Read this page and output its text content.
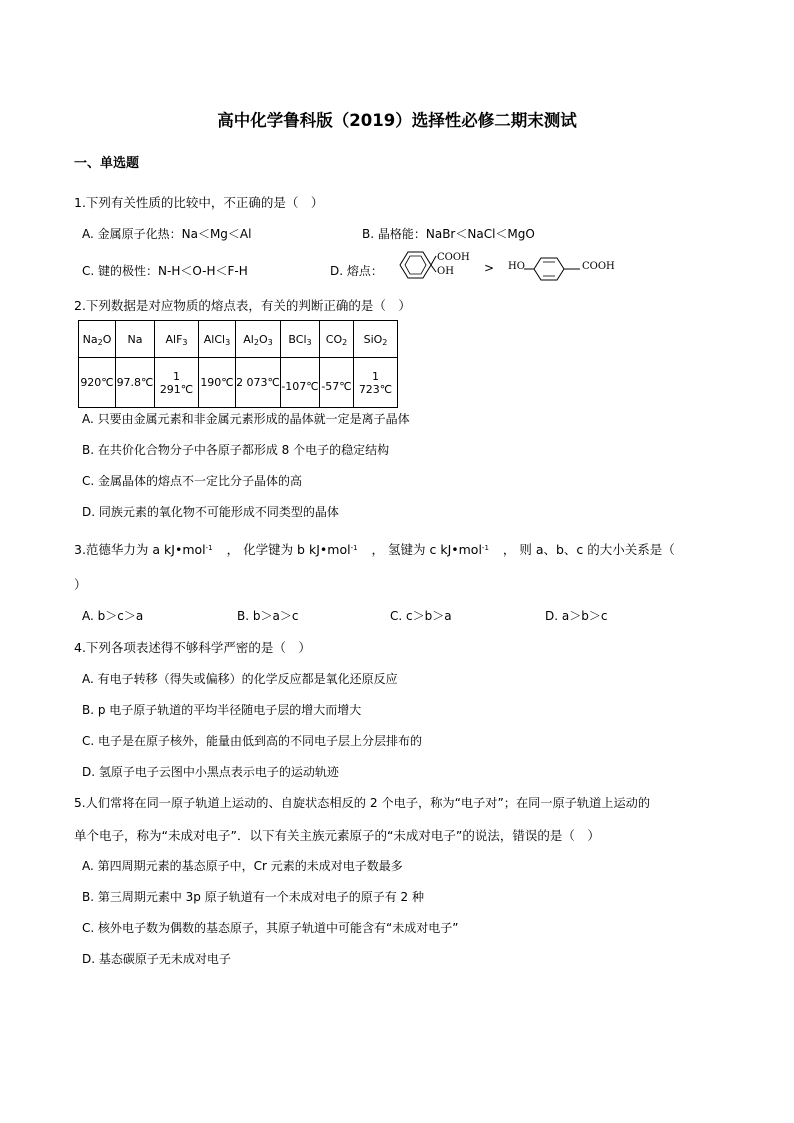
高中化学鲁科版（2019）选择性必修二期末测试
一、单选题
1.下列有关性质的比较中，不正确的是（　）
A. 金属原子化热：Na＜Mg＜Al	B. 晶格能：NaBr＜NaCl＜MgO
C. 键的极性：N-H＜O-H＜F-H	D. 熔点：
COOH
OH	> HO	COOH
2.下列数据是对应物质的熔点表，有关的判断正确的是（　）
$Na_2O$	Na	AlF$_3$	AlCl$_3$	$Al_2O_3$	BCl$_3$	$CO_2$	SiO$_2$
920℃	97.8℃	1 291℃	190℃	2 073℃	-107℃	-57℃	1 723℃
A. 只要由金属元素和非金属元素形成的晶体就一定是离子晶体
B. 在共价化合物分子中各原子都形成 8 个电子的稳定结构
C. 金属晶体的熔点不一定比分子晶体的高
D. 同族元素的氧化物不可能形成不同类型的晶体
3.范德华力为 a kJ•mol$^{-1}$ ， 化学键为 b kJ•mol$^{-1}$ ， 氢键为 c kJ•mol$^{-1}$ ， 则 a、b、c 的大小关系是（
）
A. b＞c＞a	B. b＞a＞c	C. c＞b＞a	D. a＞b＞c
4.下列各项表述得不够科学严密的是（　）
A. 有电子转移（得失或偏移）的化学反应都是氧化还原反应
B. p 电子原子轨道的平均半径随电子层的增大而增大
C. 电子是在原子核外，能量由低到高的不同电子层上分层排布的
D. 氢原子电子云图中小黑点表示电子的运动轨迹
5.人们常将在同一原子轨道上运动的、自旋状态相反的 2 个电子，称为“电子对”；在同一原子轨道上运动的
单个电子，称为“未成对电子”．以下有关主族元素原子的“未成对电子”的说法，错误的是（　）
A. 第四周期元素的基态原子中，Cr 元素的未成对电子数最多
B. 第三周期元素中 3p 原子轨道有一个未成对电子的原子有 2 种
C. 核外电子数为偶数的基态原子，其原子轨道中可能含有“未成对电子”
D. 基态碳原子无未成对电子
